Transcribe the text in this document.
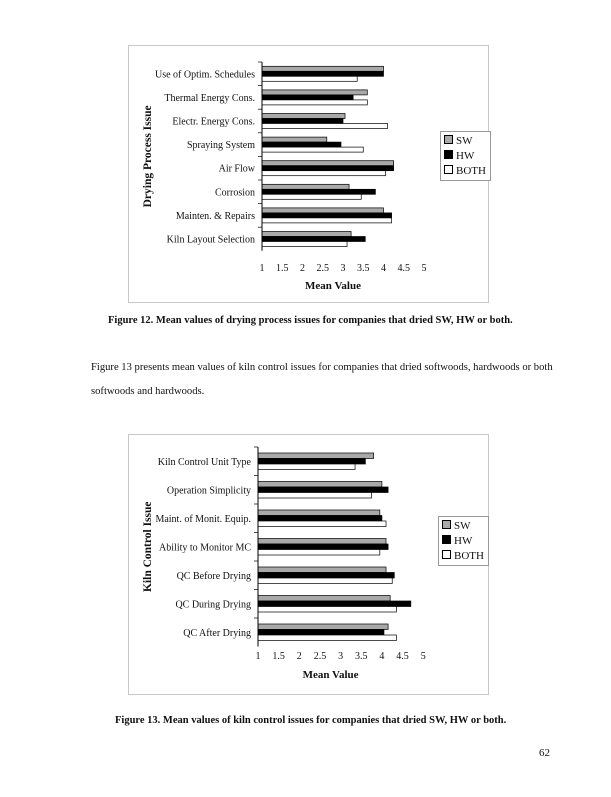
Use of Optim. Schedules
Thermal Energy Cons.
Electr. Energy Cons.
Spraying System
Air Flow
Corrosion
Mainten. & Repairs
Kiln Layout Selection
1 1.5 2 2.5 3 3.5 4 4.5 5
Mean Value
Drying Process Issue	SW
HW
BOTH
Figure 12. Mean values of drying process issues for companies that dried SW, HW or both.
Figure 13 presents mean values of kiln control issues for companies that dried softwoods, hardwoods or both softwoods and hardwoods.
Kiln Control Unit Type
Operation Simplicity
Maint. of Monit. Equip.
Ability to Monitor MC
QC Before Drying
QC During Drying
QC After Drying
1 1.5 2 2.5 3 3.5 4 4.5 5
Mean Value
Kiln Control Issue	SW
HW
BOTH
Figure 13. Mean values of kiln control issues for companies that dried SW, HW or both.
62
